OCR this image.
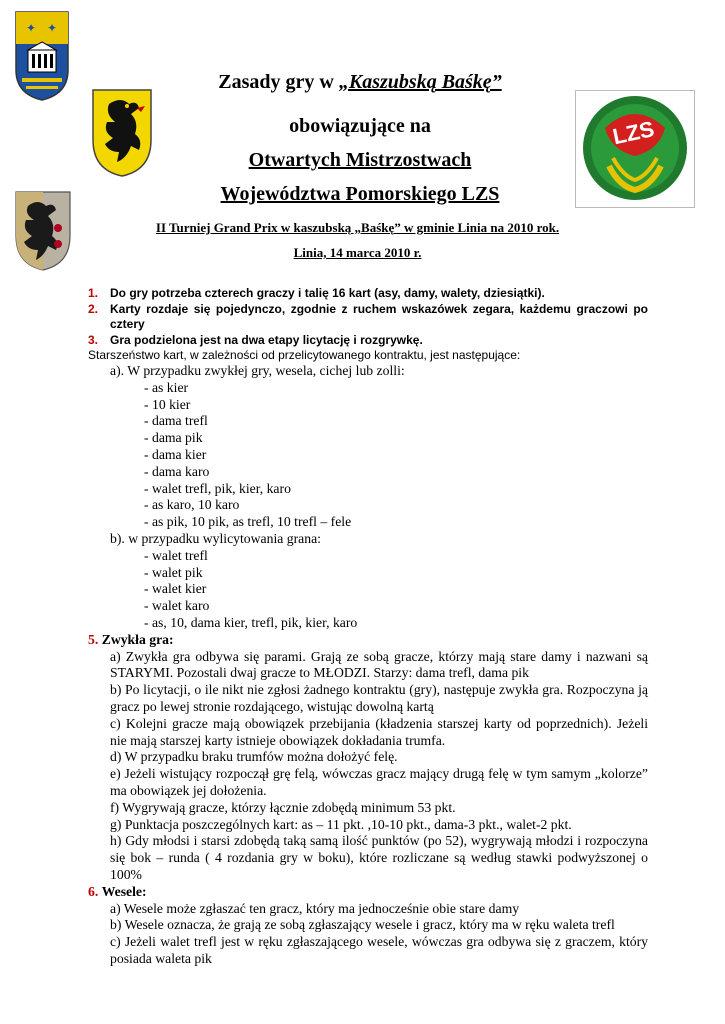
✦ ✦
LZS
Zasady gry w „Kaszubską Baśkę”
obowiązujące na
Otwartych Mistrzostwach
Województwa Pomorskiego LZS
II Turniej Grand Prix w kaszubską „Baśkę” w gminie Linia na 2010 rok.
Linia, 14 marca 2010 r.
1. Do gry potrzeba czterech graczy i talię 16 kart (asy, damy, walety, dziesiątki).
2. Karty rozdaje się pojedynczo, zgodnie z ruchem wskazówek zegara, każdemu graczowi po cztery
3. Gra podzielona jest na dwa etapy licytację i rozgrywkę.
Starszeństwo kart, w zależności od przelicytowanego kontraktu, jest następujące:
a). W przypadku zwykłej gry, wesela, cichej lub zolli:
- as kier
- 10 kier
- dama trefl
- dama pik
- dama kier
- dama karo
- walet trefl, pik, kier, karo
- as karo, 10 karo
- as pik, 10 pik, as trefl, 10 trefl – fele
b). w przypadku wylicytowania grana:
- walet trefl
- walet pik
- walet kier
- walet karo
- as, 10, dama kier, trefl, pik, kier, karo
5. Zwykła gra:
a) Zwykła gra odbywa się parami. Grają ze sobą gracze, którzy mają stare damy i nazwani są STARYMI. Pozostali dwaj gracze to MŁODZI. Starzy: dama trefl, dama pik
b) Po licytacji, o ile nikt nie zgłosi żadnego kontraktu (gry), następuje zwykła gra. Rozpoczyna ją gracz po lewej stronie rozdającego, wistując dowolną kartą
c) Kolejni gracze mają obowiązek przebijania (kładzenia starszej karty od poprzednich). Jeżeli nie mają starszej karty istnieje obowiązek dokładania trumfa.
d) W przypadku braku trumfów można dołożyć felę.
e) Jeżeli wistujący rozpoczął grę felą, wówczas gracz mający drugą felę w tym samym „kolorze” ma obowiązek jej dołożenia.
f) Wygrywają gracze, którzy łącznie zdobędą minimum 53 pkt.
g) Punktacja poszczególnych kart: as – 11 pkt. ,10-10 pkt., dama-3 pkt., walet-2 pkt.
h) Gdy młodsi i starsi zdobędą taką samą ilość punktów (po 52), wygrywają młodzi i rozpoczyna się bok – runda ( 4 rozdania gry w boku), które rozliczane są według stawki podwyższonej o 100%
6. Wesele:
a) Wesele może zgłaszać ten gracz, który ma jednocześnie obie stare damy
b) Wesele oznacza, że grają ze sobą zgłaszający wesele i gracz, który ma w ręku waleta trefl
c) Jeżeli walet trefl jest w ręku zgłaszającego wesele, wówczas gra odbywa się z graczem, który posiada waleta pik
